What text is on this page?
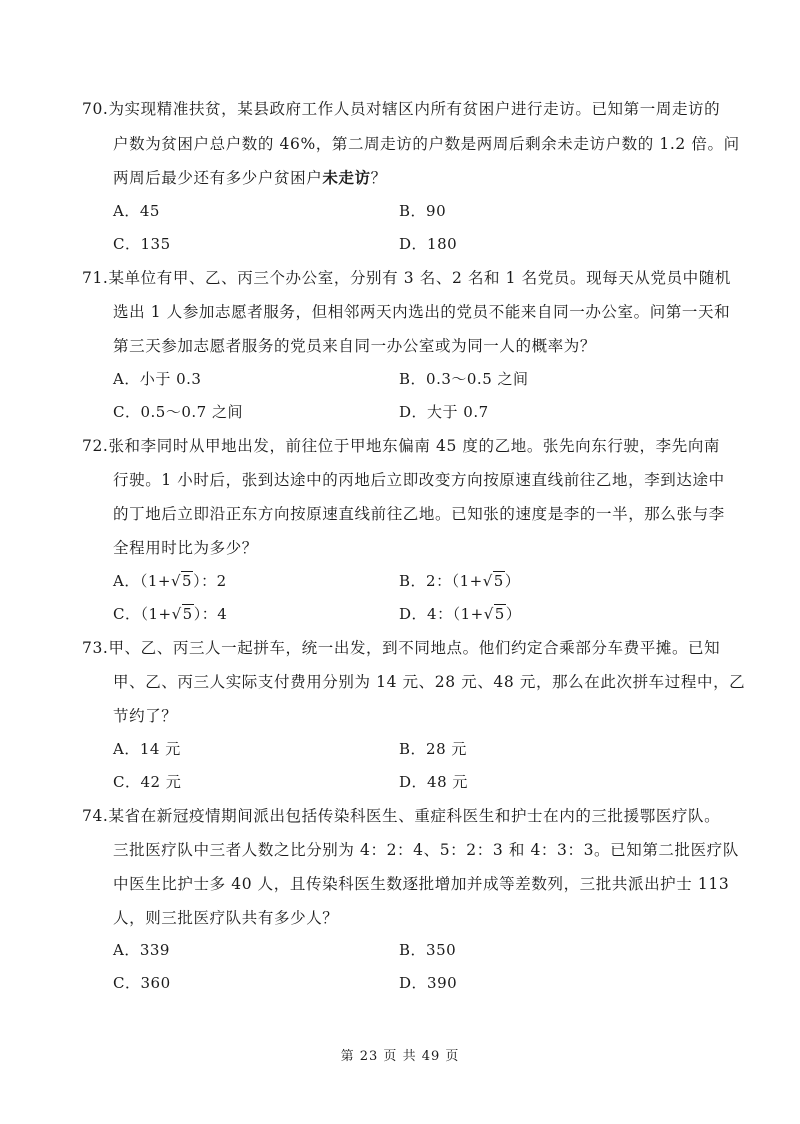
70.为实现精准扶贫，某县政府工作人员对辖区内所有贫困户进行走访。已知第一周走访的
户数为贫困户总户数的 46%，第二周走访的户数是两周后剩余未走访户数的 1.2 倍。问
两周后最少还有多少户贫困户未走访？
A．45	B．90
C．135	D．180
71.某单位有甲、乙、丙三个办公室，分别有 3 名、2 名和 1 名党员。现每天从党员中随机
选出 1 人参加志愿者服务，但相邻两天内选出的党员不能来自同一办公室。问第一天和
第三天参加志愿者服务的党员来自同一办公室或为同一人的概率为？
A．小于 0.3	B．0.3～0.5 之间
C．0.5～0.7 之间	D．大于 0.7
72.张和李同时从甲地出发，前往位于甲地东偏南 45 度的乙地。张先向东行驶，李先向南
行驶。1 小时后，张到达途中的丙地后立即改变方向按原速直线前往乙地，李到达途中
的丁地后立即沿正东方向按原速直线前往乙地。已知张的速度是李的一半，那么张与李
全程用时比为多少？
A．（1+√5）：2	B．2：（1+√5）
C．（1+√5）：4	D．4：（1+√5）
73.甲、乙、丙三人一起拼车，统一出发，到不同地点。他们约定合乘部分车费平摊。已知
甲、乙、丙三人实际支付费用分别为 14 元、28 元、48 元，那么在此次拼车过程中，乙
节约了？
A．14 元	B．28 元
C．42 元	D．48 元
74.某省在新冠疫情期间派出包括传染科医生、重症科医生和护士在内的三批援鄂医疗队。
三批医疗队中三者人数之比分别为 4：2：4、5：2：3 和 4：3：3。已知第二批医疗队
中医生比护士多 40 人，且传染科医生数逐批增加并成等差数列，三批共派出护士 113
人，则三批医疗队共有多少人？
A．339	B．350
C．360	D．390
第 23 页 共 49 页
